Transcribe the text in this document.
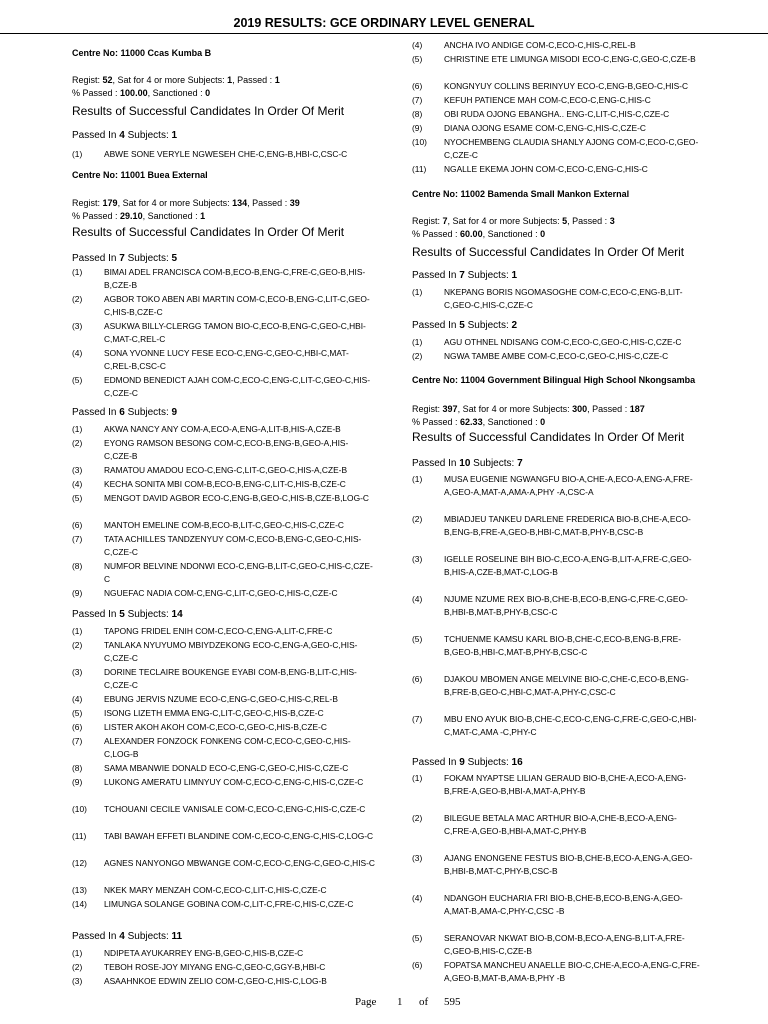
2019 RESULTS: GCE ORDINARY LEVEL GENERAL
Centre No: 11000 Ccas Kumba B
Regist: 52, Sat for 4 or more Subjects: 1, Passed : 1
% Passed : 100.00, Sanctioned : 0
Results of Successful Candidates In Order Of Merit
Passed In 4 Subjects: 1
(1)	ABWE SONE VERYLE NGWESEH CHE-C,ENG-B,HBI-C,CSC-C
Centre No: 11001 Buea External
Regist: 179, Sat for 4 or more Subjects: 134, Passed : 39
% Passed : 29.10, Sanctioned : 1
Results of Successful Candidates In Order Of Merit
Passed In 7 Subjects: 5
(1)	BIMAI ADEL FRANCISCA COM-B,ECO-B,ENG-C,FRE-C,GEO-B,HIS-B,CZE-B
(2)	AGBOR TOKO ABEN ABI MARTIN COM-C,ECO-B,ENG-C,LIT-C,GEO-C,HIS-B,CZE-C
(3)	ASUKWA BILLY-CLERGG TAMON BIO-C,ECO-B,ENG-C,GEO-C,HBI-C,MAT-C,REL-C
(4)	SONA YVONNE LUCY FESE ECO-C,ENG-C,GEO-C,HBI-C,MAT-C,REL-B,CSC-C
(5)	EDMOND BENEDICT AJAH COM-C,ECO-C,ENG-C,LIT-C,GEO-C,HIS-C,CZE-C
Passed In 6 Subjects: 9
(1)	AKWA NANCY ANY COM-A,ECO-A,ENG-A,LIT-B,HIS-A,CZE-B
(2)	EYONG RAMSON BESONG COM-C,ECO-B,ENG-B,GEO-A,HIS-C,CZE-B
(3)	RAMATOU AMADOU ECO-C,ENG-C,LIT-C,GEO-C,HIS-A,CZE-B
(4)	KECHA SONITA MBI COM-B,ECO-B,ENG-C,LIT-C,HIS-B,CZE-C
(5)	MENGOT DAVID AGBOR ECO-C,ENG-B,GEO-C,HIS-B,CZE-B,LOG-C
(6)	MANTOH EMELINE COM-B,ECO-B,LIT-C,GEO-C,HIS-C,CZE-C
(7)	TATA ACHILLES TANDZENYUY COM-C,ECO-B,ENG-C,GEO-C,HIS-C,CZE-C
(8)	NUMFOR BELVINE NDONWI ECO-C,ENG-B,LIT-C,GEO-C,HIS-C,CZE-C
(9)	NGUEFAC NADIA COM-C,ENG-C,LIT-C,GEO-C,HIS-C,CZE-C
Passed In 5 Subjects: 14
(1)	TAPONG FRIDEL ENIH COM-C,ECO-C,ENG-A,LIT-C,FRE-C
(2)	TANLAKA NYUYUMO MBIYDZEKONG ECO-C,ENG-A,GEO-C,HIS-C,CZE-C
(3)	DORINE TECLAIRE BOUKENGE EYABI COM-B,ENG-B,LIT-C,HIS-C,CZE-C
(4)	EBUNG JERVIS NZUME ECO-C,ENG-C,GEO-C,HIS-C,REL-B
(5)	ISONG LIZETH EMMA ENG-C,LIT-C,GEO-C,HIS-B,CZE-C
(6)	LISTER AKOH AKOH COM-C,ECO-C,GEO-C,HIS-B,CZE-C
(7)	ALEXANDER FONZOCK FONKENG COM-C,ECO-C,GEO-C,HIS-C,LOG-B
(8)	SAMA MBANWIE DONALD ECO-C,ENG-C,GEO-C,HIS-C,CZE-C
(9)	LUKONG AMERATU LIMNYUY COM-C,ECO-C,ENG-C,HIS-C,CZE-C
(10) TCHOUANI CECILE VANISALE COM-C,ECO-C,ENG-C,HIS-C,CZE-C
(11) TABI BAWAH EFFETI BLANDINE COM-C,ECO-C,ENG-C,HIS-C,LOG-C
(12) AGNES NANYONGO MBWANGE COM-C,ECO-C,ENG-C,GEO-C,HIS-C
(13) NKEK MARY MENZAH COM-C,ECO-C,LIT-C,HIS-C,CZE-C
(14) LIMUNGA SOLANGE GOBINA COM-C,LIT-C,FRE-C,HIS-C,CZE-C
Passed In 4 Subjects: 11
(1)	NDIPETA AYUKARREY ENG-B,GEO-C,HIS-B,CZE-C
(2)	TEBOH ROSE-JOY MIYANG ENG-C,GEO-C,GGY-B,HBI-C
(3)	ASAAHNKOE EDWIN ZELIO COM-C,GEO-C,HIS-C,LOG-B
(4)	ANCHA IVO ANDIGE COM-C,ECO-C,HIS-C,REL-B
(5)	CHRISTINE ETE LIMUNGA MISODI ECO-C,ENG-C,GEO-C,CZE-B
(6)	KONGNYUY COLLINS BERINYUY ECO-C,ENG-B,GEO-C,HIS-C
(7)	KEFUH PATIENCE MAH COM-C,ECO-C,ENG-C,HIS-C
(8)	OBI RUDA OJONG EBANGHA.. ENG-C,LIT-C,HIS-C,CZE-C
(9)	DIANA OJONG ESAME COM-C,ENG-C,HIS-C,CZE-C
(10) NYOCHEMBENG CLAUDIA SHANLY AJONG COM-C,ECO-C,GEO-C,CZE-C
(11) NGALLE EKEMA JOHN COM-C,ECO-C,ENG-C,HIS-C
Centre No: 11002 Bamenda Small Mankon External
Regist: 7, Sat for 4 or more Subjects: 5, Passed : 3
% Passed : 60.00, Sanctioned : 0
Results of Successful Candidates In Order Of Merit
Passed In 7 Subjects: 1
(1)	NKEPANG BORIS NGOMASOGHE COM-C,ECO-C,ENG-B,LIT-C,GEO-C,HIS-C,CZE-C
Passed In 5 Subjects: 2
(1)	AGU OTHNEL NDISANG COM-C,ECO-C,GEO-C,HIS-C,CZE-C
(2)	NGWA TAMBE AMBE COM-C,ECO-C,GEO-C,HIS-C,CZE-C
Centre No: 11004 Government Bilingual High School Nkongsamba
Regist: 397, Sat for 4 or more Subjects: 300, Passed : 187
% Passed : 62.33, Sanctioned : 0
Results of Successful Candidates In Order Of Merit
Passed In 10 Subjects: 7
(1)	MUSA EUGENIE NGWANGFU BIO-A,CHE-A,ECO-A,ENG-A,FRE-A,GEO-A,MAT-A,AMA-A,PHY -A,CSC-A
(2)	MBIADJEU TANKEU DARLENE FREDERICA BIO-B,CHE-A,ECO-B,ENG-B,FRE-A,GEO-B,HBI-C,MAT-B,PHY-B,CSC-B
(3)	IGELLE ROSELINE BIH BIO-C,ECO-A,ENG-B,LIT-A,FRE-C,GEO-B,HIS-A,CZE-B,MAT-C,LOG-B
(4)	NJUME NZUME REX BIO-B,CHE-B,ECO-B,ENG-C,FRE-C,GEO-B,HBI-B,MAT-B,PHY-B,CSC-C
(5)	TCHUENME KAMSU KARL BIO-B,CHE-C,ECO-B,ENG-B,FRE-B,GEO-B,HBI-C,MAT-B,PHY-B,CSC-C
(6)	DJAKOU MBOMEN ANGE MELVINE BIO-C,CHE-C,ECO-B,ENG-B,FRE-B,GEO-C,HBI-C,MAT-A,PHY-C,CSC-C
(7)	MBU ENO AYUK BIO-B,CHE-C,ECO-C,ENG-C,FRE-C,GEO-C,HBI-C,MAT-C,AMA -C,PHY-C
Passed In 9 Subjects: 16
(1)	FOKAM NYAPTSE LILIAN GERAUD BIO-B,CHE-A,ECO-A,ENG-B,FRE-A,GEO-B,HBI-A,MAT-A,PHY-B
(2)	BILEGUE BETALA MAC ARTHUR BIO-A,CHE-B,ECO-A,ENG-C,FRE-A,GEO-B,HBI-A,MAT-C,PHY-B
(3)	AJANG ENONGENE FESTUS BIO-B,CHE-B,ECO-A,ENG-A,GEO-B,HBI-B,MAT-C,PHY-B,CSC-B
(4)	NDANGOH EUCHARIA FRI BIO-B,CHE-B,ECO-B,ENG-A,GEO-A,MAT-B,AMA-C,PHY-C,CSC -B
(5)	SERANOVAR NKWAT BIO-B,COM-B,ECO-A,ENG-B,LIT-A,FRE-C,GEO-B,HIS-C,CZE-B
(6)	FOPATSA MANCHEU ANAELLE BIO-C,CHE-A,ECO-A,ENG-C,FRE-A,GEO-B,MAT-B,AMA-B,PHY -B
Page 1 of 595
